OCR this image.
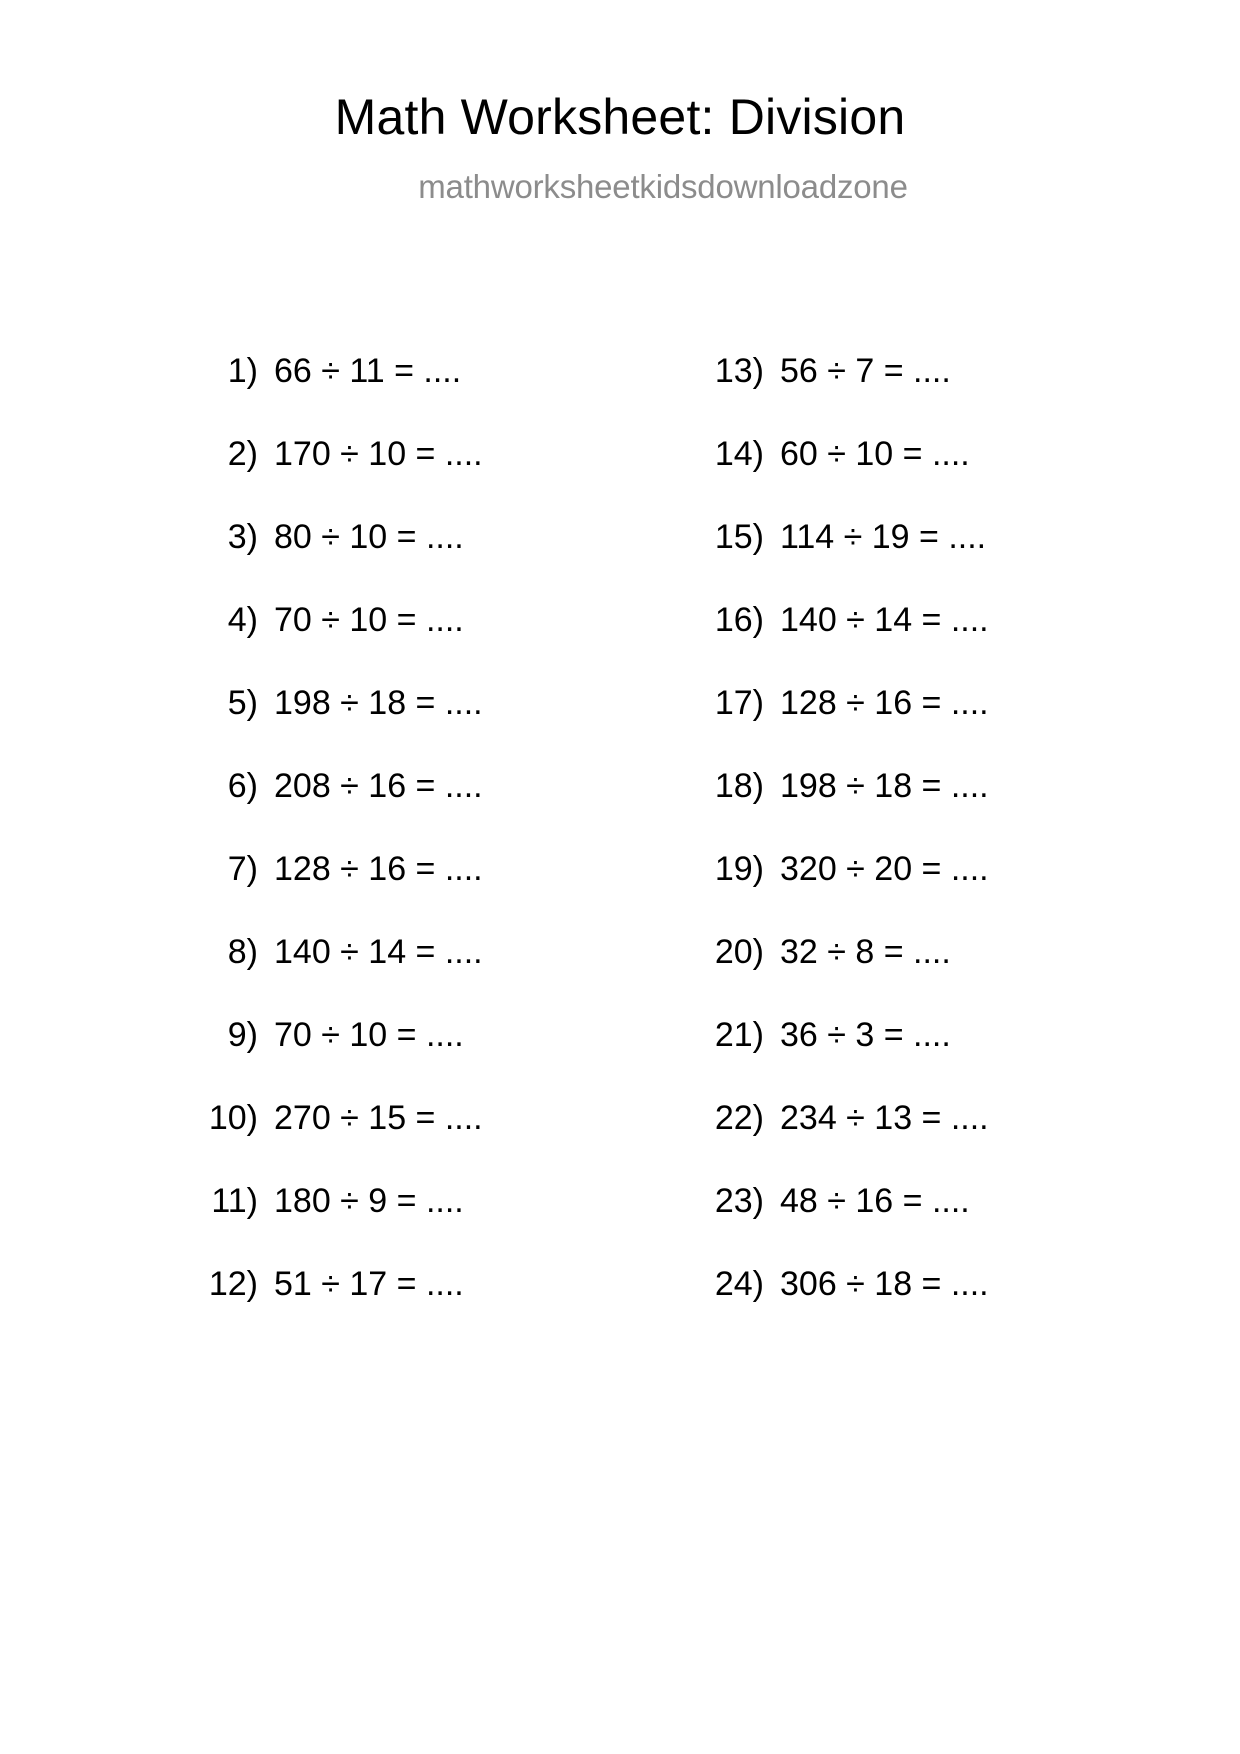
Math Worksheet: Division
mathworksheetkidsdownloadzone
1) 66 ÷ 11 = ....
2) 170 ÷ 10 = ....
3) 80 ÷ 10 = ....
4) 70 ÷ 10 = ....
5) 198 ÷ 18 = ....
6) 208 ÷ 16 = ....
7) 128 ÷ 16 = ....
8) 140 ÷ 14 = ....
9) 70 ÷ 10 = ....
10) 270 ÷ 15 = ....
11) 180 ÷ 9 = ....
12) 51 ÷ 17 = ....
13) 56 ÷ 7 = ....
14) 60 ÷ 10 = ....
15) 114 ÷ 19 = ....
16) 140 ÷ 14 = ....
17) 128 ÷ 16 = ....
18) 198 ÷ 18 = ....
19) 320 ÷ 20 = ....
20) 32 ÷ 8 = ....
21) 36 ÷ 3 = ....
22) 234 ÷ 13 = ....
23) 48 ÷ 16 = ....
24) 306 ÷ 18 = ....
